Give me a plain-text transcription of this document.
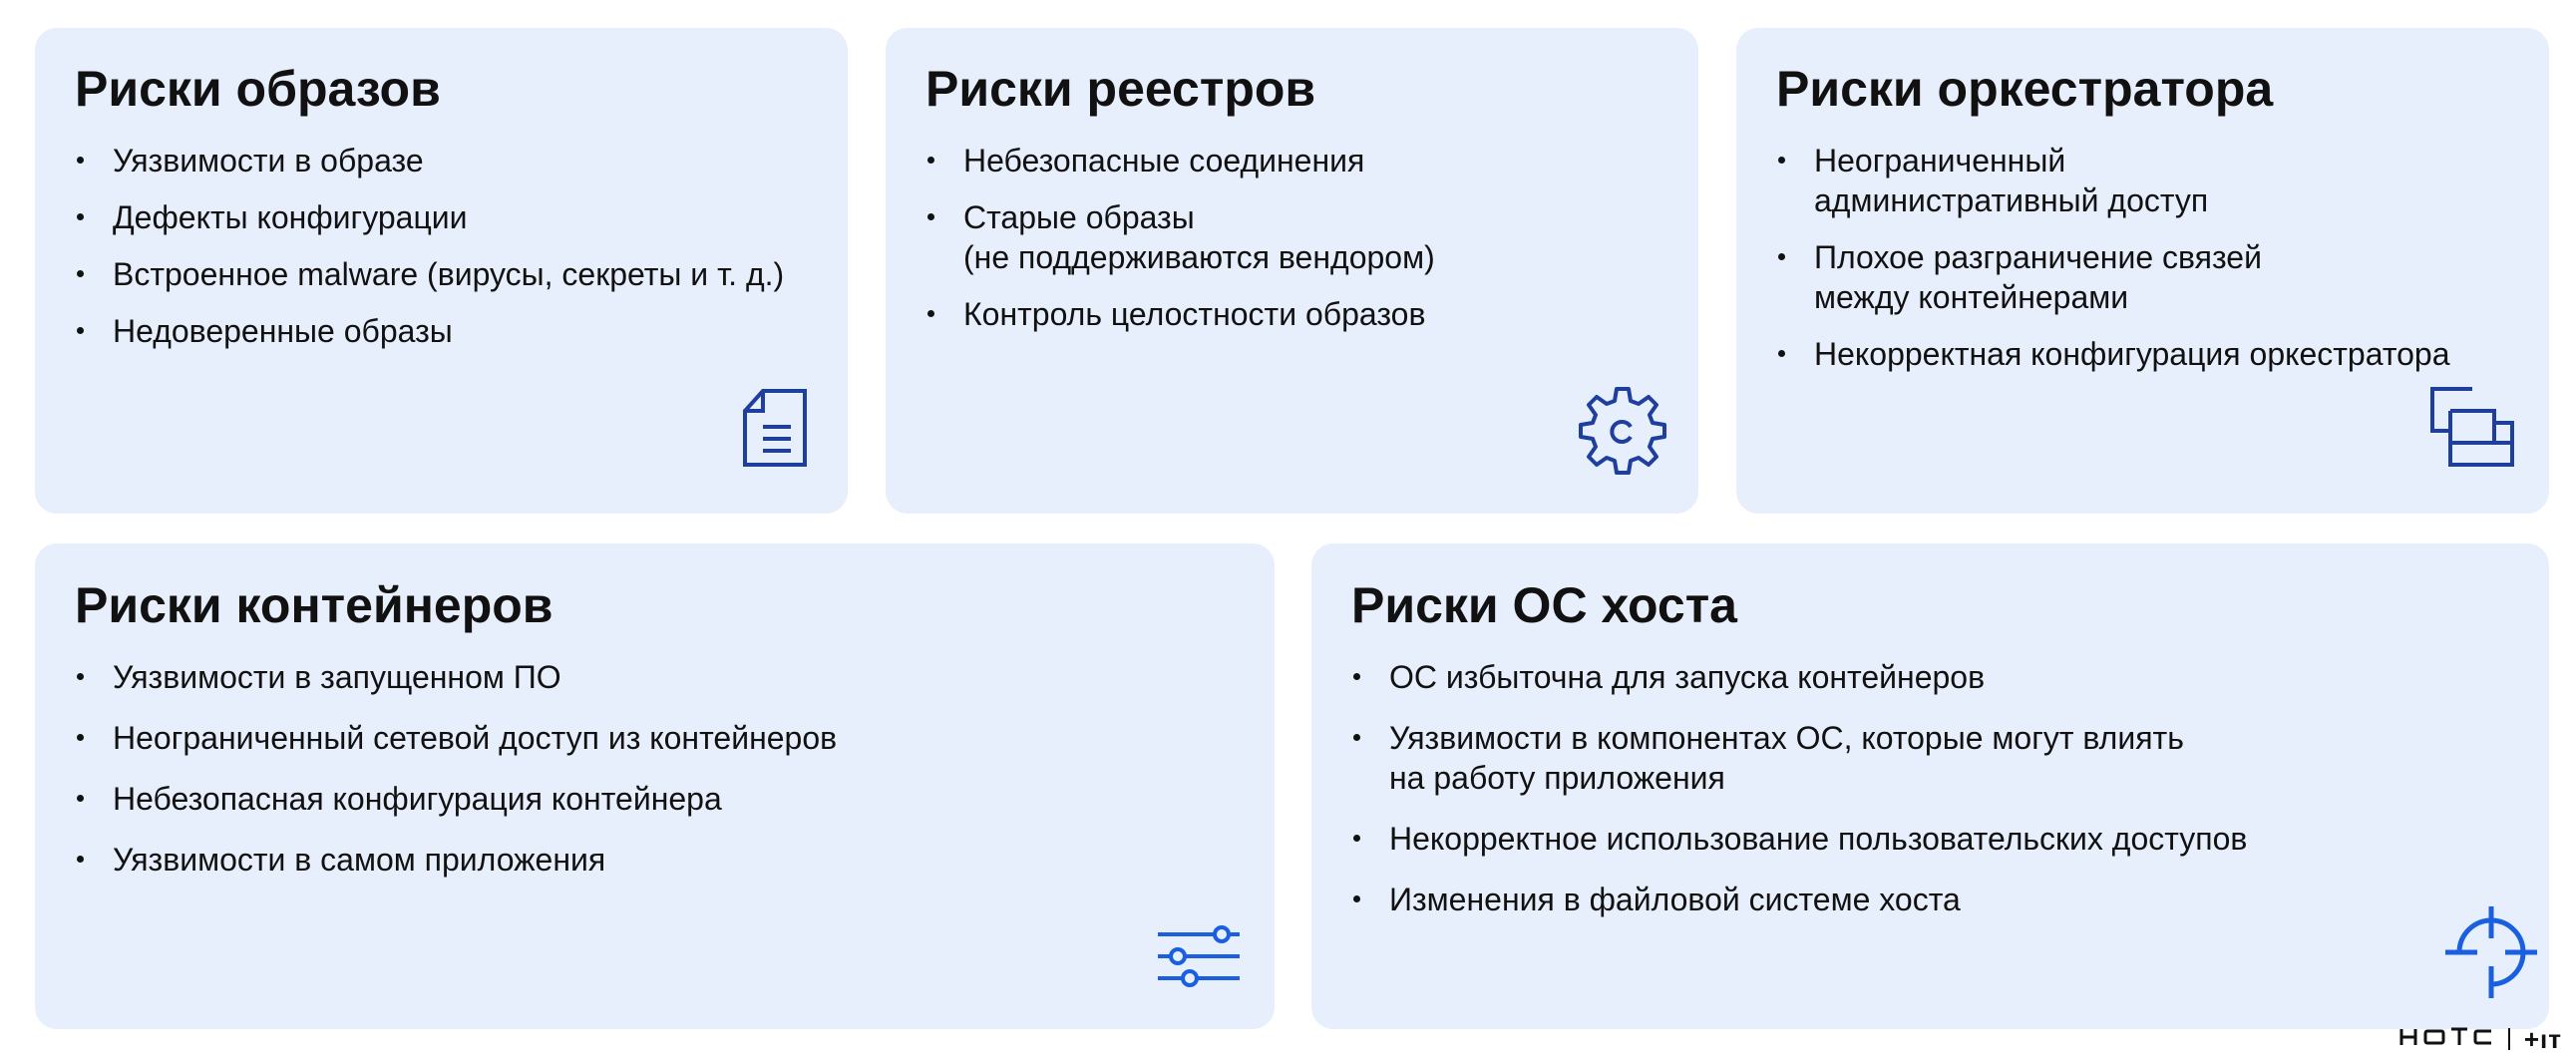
Риски образов
Уязвимости в образе
Дефекты конфигурации
Встроенное malware (вирусы, секреты и т. д.)
Недоверенные образы
Риски реестров
Небезопасные соединения
Старые образы
(не поддерживаются вендором)
Контроль целостности образов
Риски оркестратора
Неограниченный
административный доступ
Плохое разграничение связей
между контейнерами
Некорректная конфигурация оркестратора
Риски контейнеров
Уязвимости в запущенном ПО
Неограниченный сетевой доступ из контейнеров
Небезопасная конфигурация контейнера
Уязвимости в самом приложения
Риски ОС хоста
ОС избыточна для запуска контейнеров
Уязвимости в компонентах ОС, которые могут влиять
на работу приложения
Некорректное использование пользовательских доступов
Изменения в файловой системе хоста
+ıт
